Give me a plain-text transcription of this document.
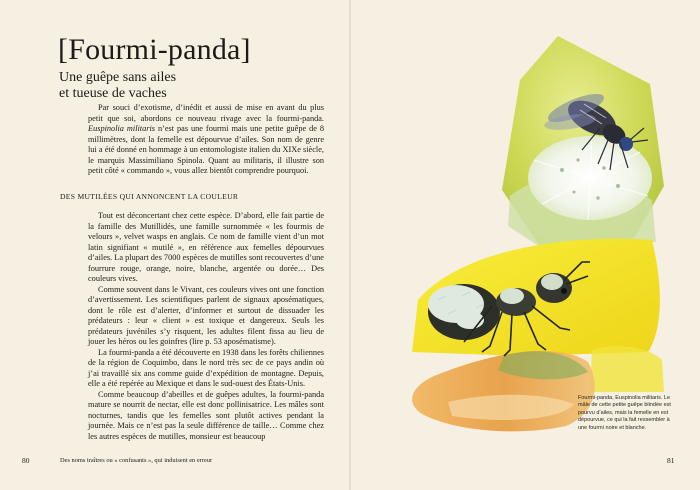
[Fourmi-panda]
Une guêpe sans ailes
et tueuse de vaches

Par souci d’exotisme, d’inédit et aussi de mise en avant du plus petit que soi, abordons ce nouveau rivage avec la fourmi-panda. Euspinolia militaris n’est pas une fourmi mais une petite guêpe de 8 millimètres, dont la femelle est dépourvue d’ailes. Son nom de genre lui a été donné en hommage à un entomologiste italien du XIXe siècle, le marquis Massimiliano Spinola. Quant au militaris, il illustre son petit côté « commando », vous allez bientôt comprendre pourquoi.

DES MUTILÉES QUI ANNONCENT LA COULEUR

Tout est déconcertant chez cette espèce. D’abord, elle fait partie de la famille des Mutillidés, une famille surnommée « les fourmis de velours », velvet wasps en anglais. Ce nom de famille vient d’un mot latin signifiant « mutilé », en référence aux femelles dépourvues d’ailes. La plupart des 7000 espèces de mutilles sont recouvertes d’une fourrure rouge, orange, noire, blanche, argentée ou dorée… Des couleurs vives.

Comme souvent dans le Vivant, ces couleurs vives ont une fonction d’avertissement. Les scientifiques parlent de signaux aposématiques, dont le rôle est d’alerter, d’informer et surtout de dissuader les prédateurs : leur « client » est toxique et dangereux. Seuls les prédateurs juvéniles s’y risquent, les adultes filent fissa au lieu de jouer les héros ou les goinfres (lire p. 53 aposématisme).

La fourmi-panda a été découverte en 1938 dans les forêts chiliennes de la région de Coquimbo, dans le nord très sec de ce pays andin où j’ai travaillé six ans comme guide d’expédition de montagne. Depuis, elle a été repérée au Mexique et dans le sud-ouest des États-Unis.

Comme beaucoup d’abeilles et de guêpes adultes, la fourmi-panda mature se nourrit de nectar, elle est donc pollinisatrice. Les mâles sont nocturnes, tandis que les femelles sont plutôt actives pendant la journée. Mais ce n’est pas la seule différence de taille… Comme chez les autres espèces de mutilles, monsieur est beaucoup

80	Des noms traîtres ou « confusants », qui induisent en erreur

Fourmi-panda, Euspinolia militaris. Le mâle de cette petite guêpe blindée est pourvu d’ailes, mais la femelle en est dépourvue, ce qui la fait ressembler à une fourmi noire et blanche.

81
